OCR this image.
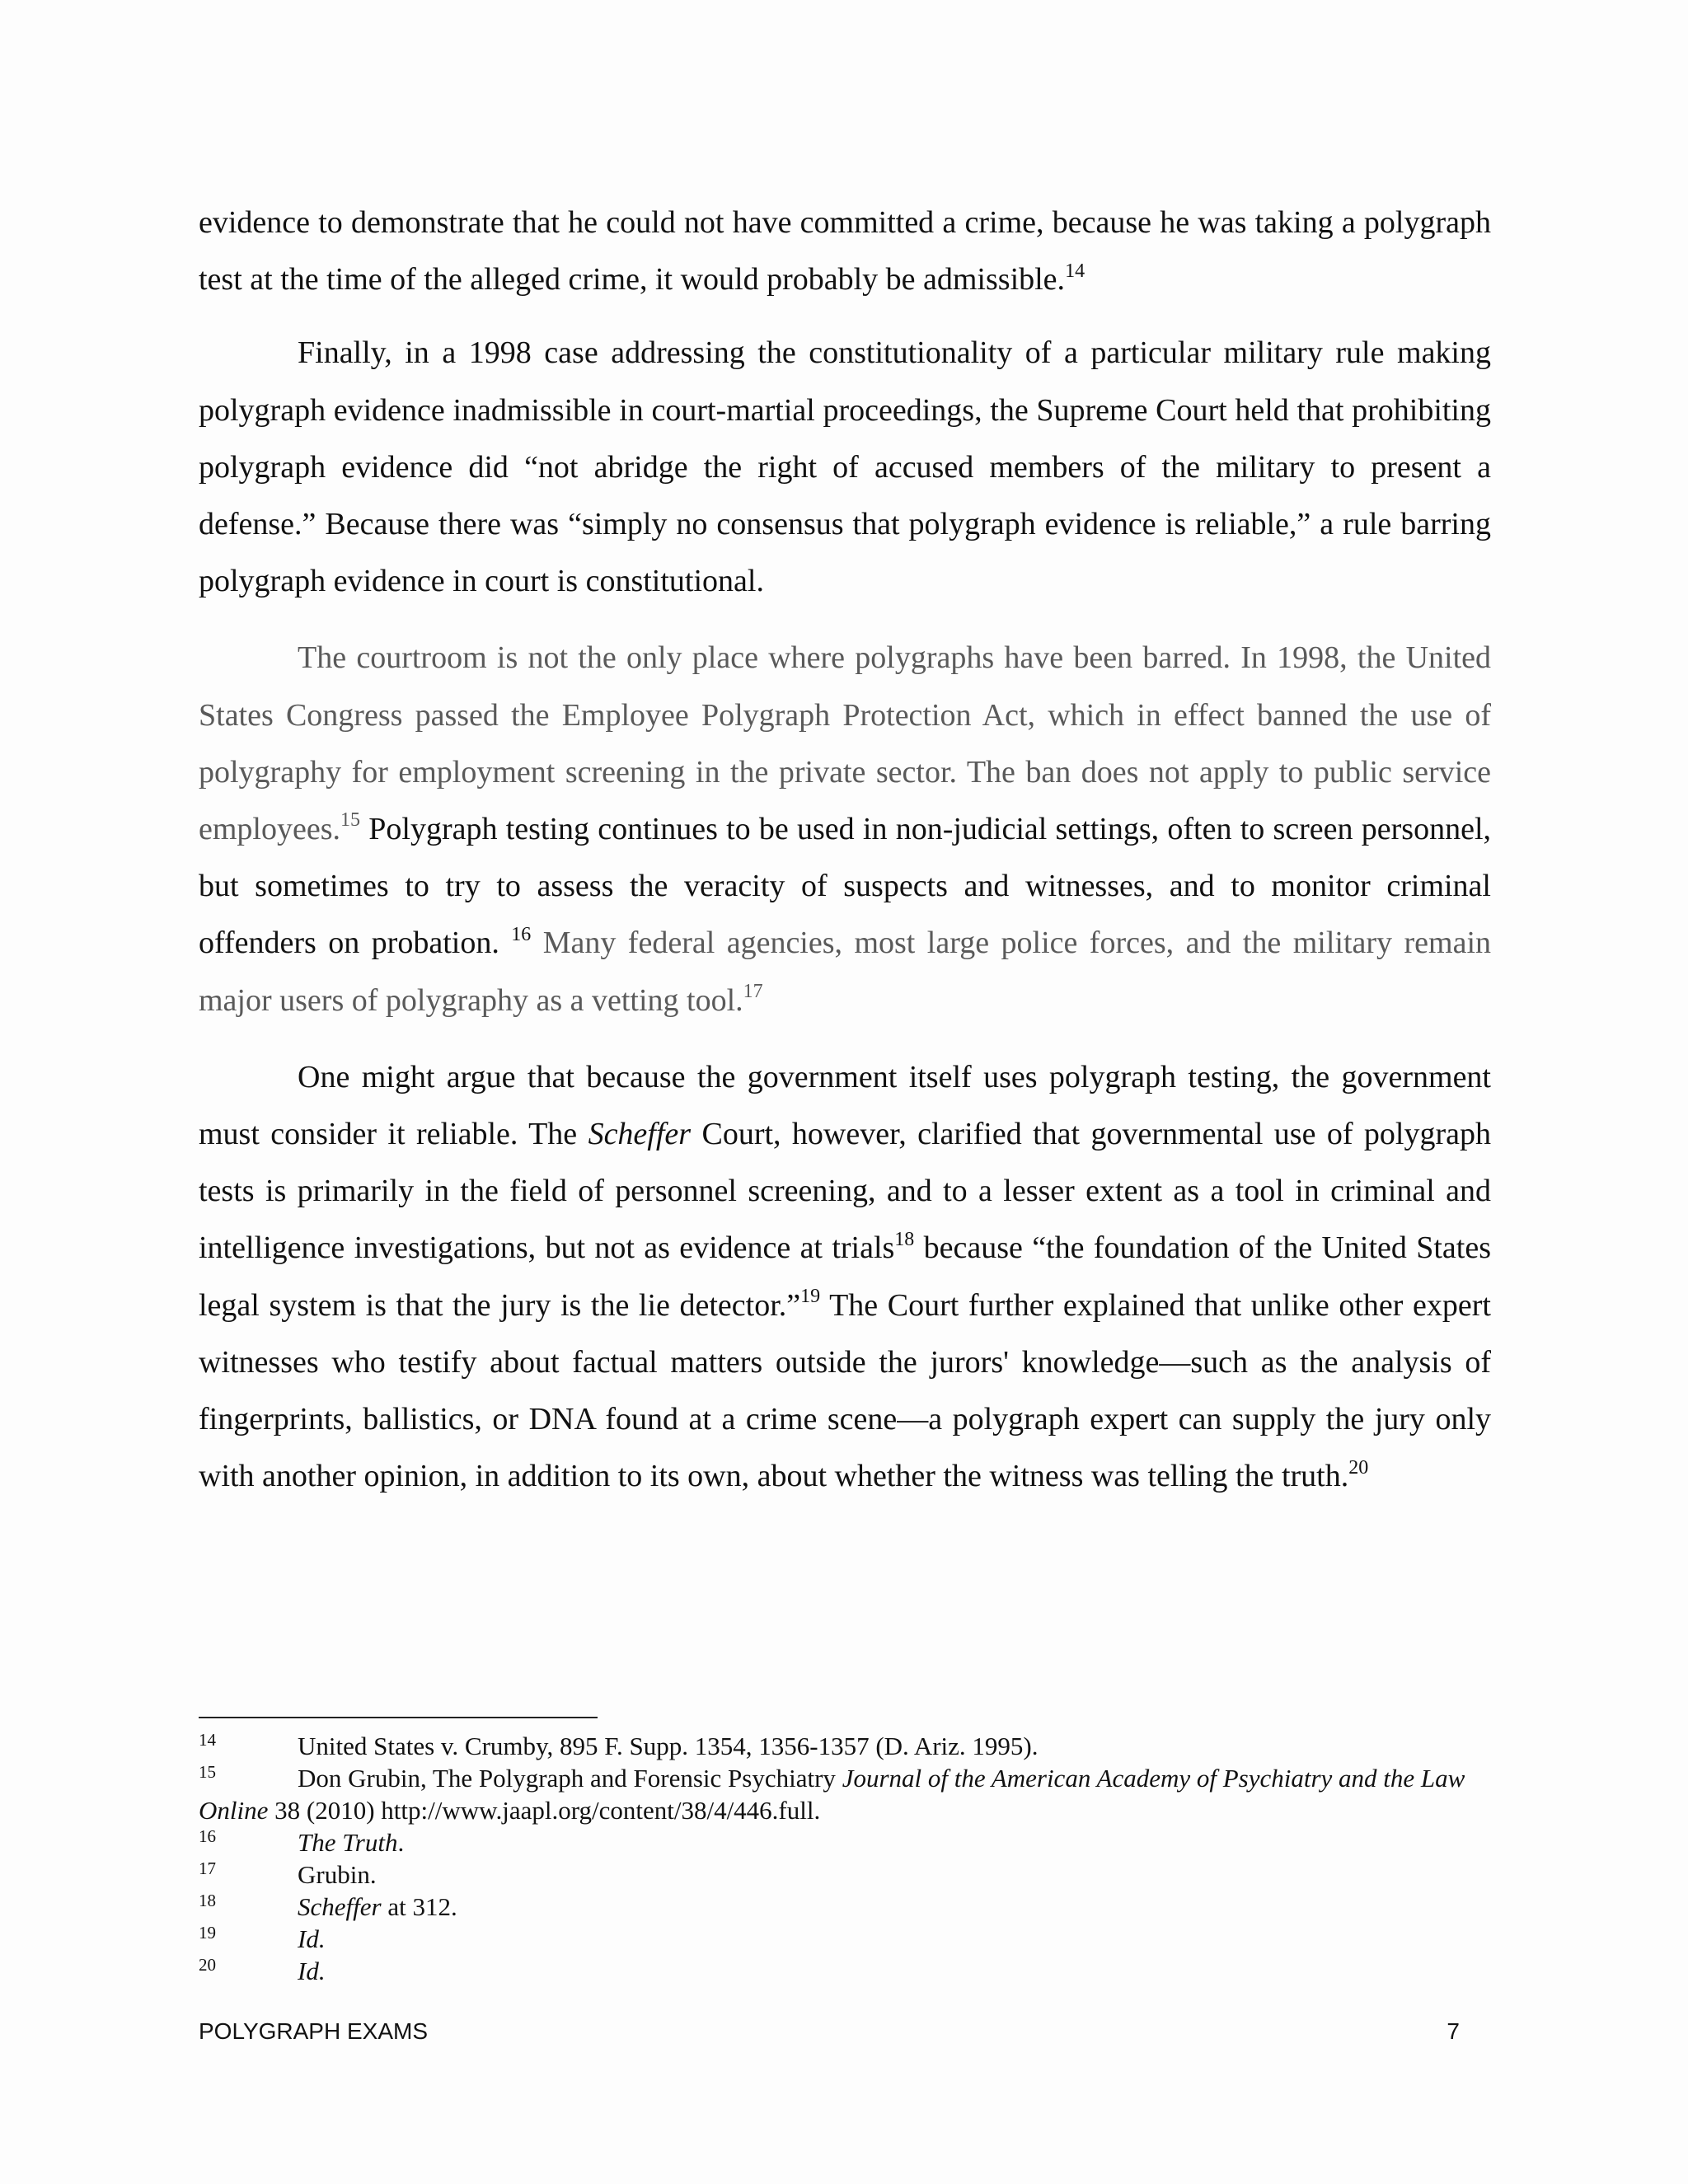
evidence to demonstrate that he could not have committed a crime, because he was taking a polygraph test at the time of the alleged crime, it would probably be admissible.$^{14}$

Finally, in a 1998 case addressing the constitutionality of a particular military rule making polygraph evidence inadmissible in court-martial proceedings, the Supreme Court held that prohibiting polygraph evidence did “not abridge the right of accused members of the military to present a defense.” Because there was “simply no consensus that polygraph evidence is reliable,” a rule barring polygraph evidence in court is constitutional.

The courtroom is not the only place where polygraphs have been barred. In 1998, the United States Congress passed the Employee Polygraph Protection Act, which in effect banned the use of polygraphy for employment screening in the private sector. The ban does not apply to public service employees.$^{15}$ Polygraph testing continues to be used in non-judicial settings, often to screen personnel, but sometimes to try to assess the veracity of suspects and witnesses, and to monitor criminal offenders on probation. $^{16}$ Many federal agencies, most large police forces, and the military remain major users of polygraphy as a vetting tool.$^{17}$

One might argue that because the government itself uses polygraph testing, the government must consider it reliable. The Scheffer Court, however, clarified that governmental use of polygraph tests is primarily in the field of personnel screening, and to a lesser extent as a tool in criminal and intelligence investigations, but not as evidence at trials$^{18}$ because “the foundation of the United States legal system is that the jury is the lie detector.”$^{19}$ The Court further explained that unlike other expert witnesses who testify about factual matters outside the jurors' knowledge—such as the analysis of fingerprints, ballistics, or DNA found at a crime scene—a polygraph expert can supply the jury only with another opinion, in addition to its own, about whether the witness was telling the truth.$^{20}$

14	United States v. Crumby, 895 F. Supp. 1354, 1356-1357 (D. Ariz. 1995).

15	Don Grubin, The Polygraph and Forensic Psychiatry Journal of the American Academy of Psychiatry and the Law Online 38 (2010) http://www.jaapl.org/content/38/4/446.full.

16	The Truth.

17	Grubin.

18	Scheffer at 312.

19	Id.

20	Id.

POLYGRAPH EXAMS	7
